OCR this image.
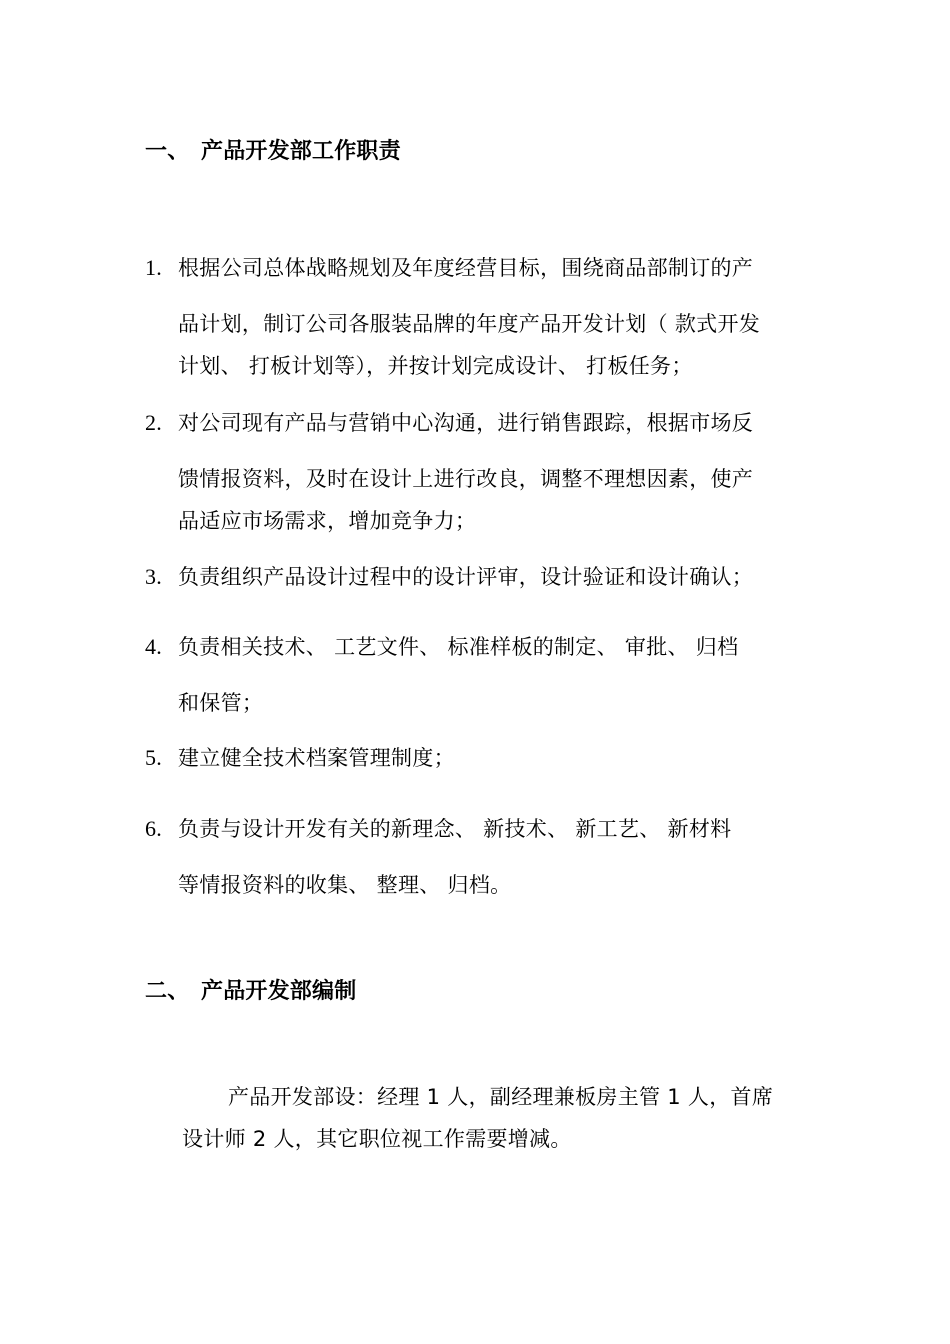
一、 产品开发部工作职责
1. 根据公司总体战略规划及年度经营目标，围绕商品部制订的产
品计划，制订公司各服装品牌的年度产品开发计划（ 款式开发
计划、 打板计划等），并按计划完成设计、 打板任务；
2. 对公司现有产品与营销中心沟通，进行销售跟踪，根据市场反
馈情报资料，及时在设计上进行改良，调整不理想因素，使产
品适应市场需求，增加竞争力；
3. 负责组织产品设计过程中的设计评审，设计验证和设计确认；
4. 负责相关技术、 工艺文件、 标准样板的制定、 审批、 归档
和保管；
5. 建立健全技术档案管理制度；
6. 负责与设计开发有关的新理念、 新技术、 新工艺、 新材料
等情报资料的收集、 整理、 归档。
二、 产品开发部编制
产品开发部设：经理 1 人，副经理兼板房主管 1 人，首席
设计师 2 人，其它职位视工作需要增减。
